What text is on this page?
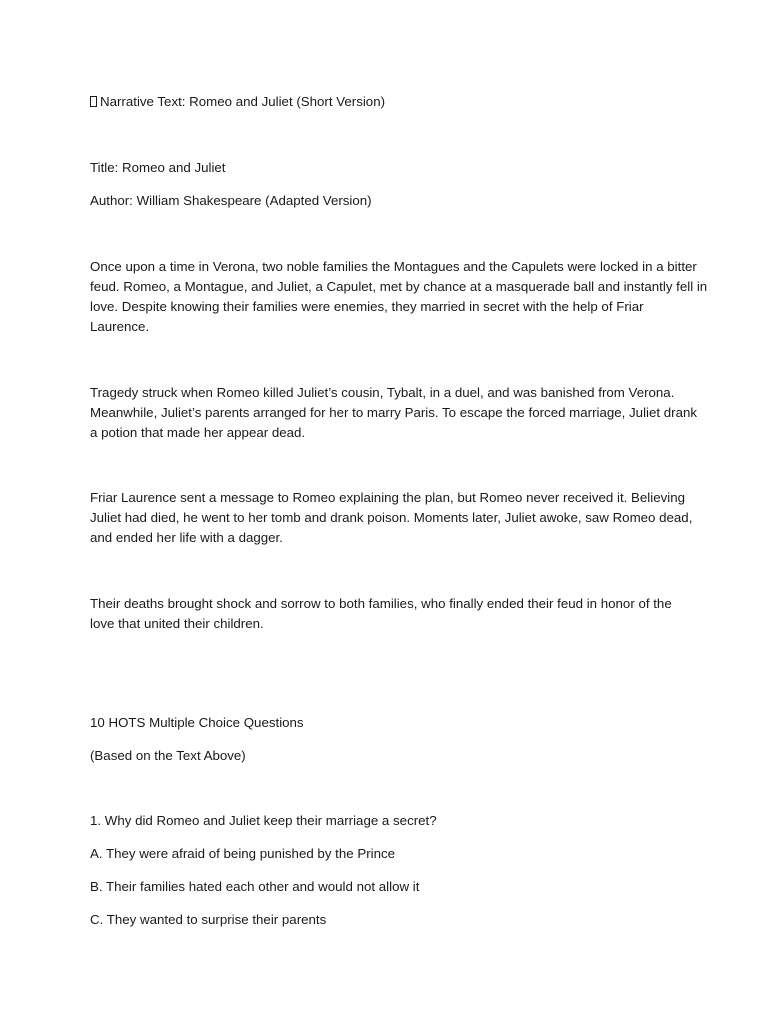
Narrative Text: Romeo and Juliet (Short Version)

Title: Romeo and Juliet

Author: William Shakespeare (Adapted Version)

Once upon a time in Verona, two noble families the Montagues and the Capulets were locked in a bitter
feud. Romeo, a Montague, and Juliet, a Capulet, met by chance at a masquerade ball and instantly fell in
love. Despite knowing their families were enemies, they married in secret with the help of Friar
Laurence.
Tragedy struck when Romeo killed Juliet’s cousin, Tybalt, in a duel, and was banished from Verona.
Meanwhile, Juliet’s parents arranged for her to marry Paris. To escape the forced marriage, Juliet drank
a potion that made her appear dead.
Friar Laurence sent a message to Romeo explaining the plan, but Romeo never received it. Believing
Juliet had died, he went to her tomb and drank poison. Moments later, Juliet awoke, saw Romeo dead,
and ended her life with a dagger.
Their deaths brought shock and sorrow to both families, who finally ended their feud in honor of the
love that united their children.

10 HOTS Multiple Choice Questions

(Based on the Text Above)

1. Why did Romeo and Juliet keep their marriage a secret?

A. They were afraid of being punished by the Prince

B. Their families hated each other and would not allow it

C. They wanted to surprise their parents
